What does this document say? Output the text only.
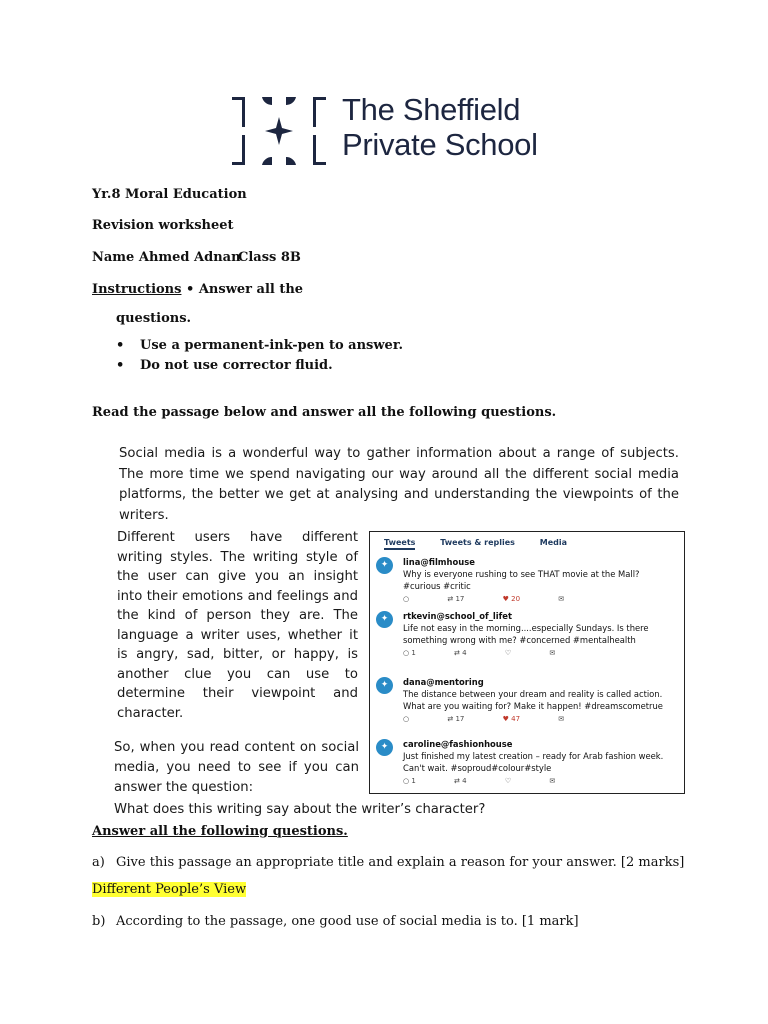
The Sheffield
Private School
Yr.8 Moral Education
Revision worksheet
Name Ahmed Adnan
Class 8B
Instructions • Answer all the
questions.
• Use a permanent-ink-pen to answer.
• Do not use corrector fluid.
Read the passage below and answer all the following questions.
Social media is a wonderful way to gather information about a range of subjects. The more time we spend navigating our way around all the different social media platforms, the better we get at analysing and understanding the viewpoints of the writers.
Different users have different writing styles. The writing style of the user can give you an insight into their emotions and feelings and the kind of person they are. The language a writer uses, whether it is angry, sad, bitter, or happy, is another clue you can use to determine their viewpoint and character.
So, when you read content on social media, you need to see if you can answer the question:
What does this writing say about the writer’s character?
Tweets	Tweets & replies	Media
✦	lina@filmhouse
Why is everyone rushing to see THAT movie at the Mall? #curious #critic
○	⇄ 17	♥ 20	✉
✦	rtkevin@school_of_lifet
Life not easy in the morning....especially Sundays. Is there something wrong with me? #concerned #mentalhealth
○ 1	⇄ 4	♡	✉
✦	dana@mentoring
The distance between your dream and reality is called action. What are you waiting for? Make it happen! #dreamscometrue
○	⇄ 17	♥ 47	✉
✦	caroline@fashionhouse
Just finished my latest creation – ready for Arab fashion week. Can't wait. #soproud#colour#style
○ 1	⇄ 4	♡	✉
Answer all the following questions.
a) Give this passage an appropriate title and explain a reason for your answer. [2 marks]
Different People’s View
b) According to the passage, one good use of social media is to. [1 mark]
